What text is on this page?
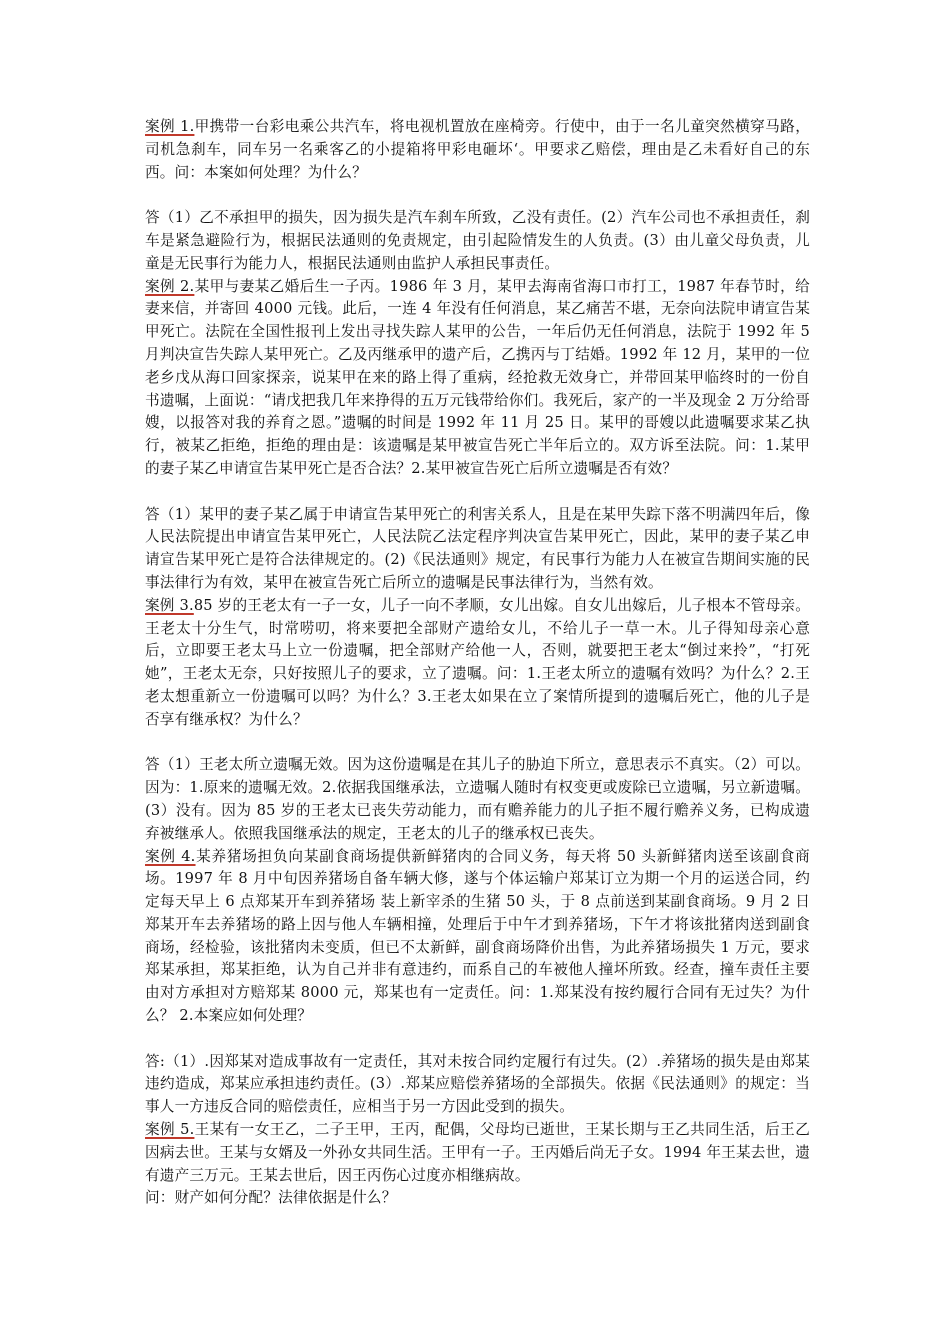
案例 1.甲携带一台彩电乘公共汽车，将电视机置放在座椅旁。行使中，由于一名儿童突然横穿马路，司机急刹车，同车另一名乘客乙的小提箱将甲彩电砸坏‘。甲要求乙赔偿，理由是乙未看好自己的东西。问：本案如何处理？为什么？

答（1）乙不承担甲的损失，因为损失是汽车刹车所致，乙没有责任。(2）汽车公司也不承担责任，刹车是紧急避险行为，根据民法通则的免责规定，由引起险情发生的人负责。(3）由儿童父母负责，儿童是无民事行为能力人，根据民法通则由监护人承担民事责任。

案例 2.某甲与妻某乙婚后生一子丙。1986 年 3 月，某甲去海南省海口市打工，1987 年春节时，给妻来信，并寄回 4000 元钱。此后，一连 4 年没有任何消息，某乙痛苦不堪，无奈向法院申请宣告某甲死亡。法院在全国性报刊上发出寻找失踪人某甲的公告，一年后仍无任何消息，法院于 1992 年 5 月判决宣告失踪人某甲死亡。乙及丙继承甲的遗产后，乙携丙与丁结婚。1992 年 12 月，某甲的一位老乡戊从海口回家探亲，说某甲在来的路上得了重病，经抢救无效身亡，并带回某甲临终时的一份自书遗嘱，上面说：“请戊把我几年来挣得的五万元钱带给你们。我死后，家产的一半及现金 2 万分给哥嫂，以报答对我的养育之恩。”遗嘱的时间是 1992 年 11 月 25 日。某甲的哥嫂以此遗嘱要求某乙执行，被某乙拒绝，拒绝的理由是：该遗嘱是某甲被宣告死亡半年后立的。双方诉至法院。问：1.某甲的妻子某乙申请宣告某甲死亡是否合法？2.某甲被宣告死亡后所立遗嘱是否有效？

答（1）某甲的妻子某乙属于申请宣告某甲死亡的利害关系人，且是在某甲失踪下落不明满四年后，像人民法院提出申请宣告某甲死亡，人民法院乙法定程序判决宣告某甲死亡，因此，某甲的妻子某乙申请宣告某甲死亡是符合法律规定的。(2)《民法通则》规定，有民事行为能力人在被宣告期间实施的民事法律行为有效，某甲在被宣告死亡后所立的遗嘱是民事法律行为，当然有效。

案例 3.85 岁的王老太有一子一女，儿子一向不孝顺，女儿出嫁。自女儿出嫁后，儿子根本不管母亲。王老太十分生气，时常唠叨，将来要把全部财产遗给女儿，不给儿子一草一木。儿子得知母亲心意后，立即要王老太马上立一份遗嘱，把全部财产给他一人，否则，就要把王老太“倒过来拎”，“打死她”，王老太无奈，只好按照儿子的要求，立了遗嘱。问：1.王老太所立的遗嘱有效吗？为什么？2.王老太想重新立一份遗嘱可以吗？为什么？3.王老太如果在立了案情所提到的遗嘱后死亡，他的儿子是否享有继承权？为什么？

答（1）王老太所立遗嘱无效。因为这份遗嘱是在其儿子的胁迫下所立，意思表示不真实。（2）可以。因为：1.原来的遗嘱无效。2.依据我国继承法，立遗嘱人随时有权变更或废除已立遗嘱，另立新遗嘱。(3）没有。因为 85 岁的王老太已丧失劳动能力，而有赡养能力的儿子拒不履行赡养义务，已构成遗弃被继承人。依照我国继承法的规定，王老太的儿子的继承权已丧失。

案例 4.某养猪场担负向某副食商场提供新鲜猪肉的合同义务，每天将 50 头新鲜猪肉送至该副食商场。1997 年 8 月中旬因养猪场自备车辆大修，遂与个体运输户郑某订立为期一个月的运送合同，约定每天早上 6 点郑某开车到养猪场 装上新宰杀的生猪 50 头，于 8 点前送到某副食商场。9 月 2 日郑某开车去养猪场的路上因与他人车辆相撞，处理后于中午才到养猪场，下午才将该批猪肉送到副食商场，经检验，该批猪肉未变质，但已不太新鲜，副食商场降价出售，为此养猪场损失 1 万元，要求郑某承担，郑某拒绝，认为自己并非有意违约，而系自己的车被他人撞坏所致。经查，撞车责任主要由对方承担对方赔郑某 8000 元，郑某也有一定责任。问：1.郑某没有按约履行合同有无过失？为什么？ 2.本案应如何处理？

答:（1）.因郑某对造成事故有一定责任，其对未按合同约定履行有过失。(2）.养猪场的损失是由郑某违约造成，郑某应承担违约责任。(3）.郑某应赔偿养猪场的全部损失。依据《民法通则》的规定：当事人一方违反合同的赔偿责任，应相当于另一方因此受到的损失。

案例 5.王某有一女王乙，二子王甲，王丙，配偶，父母均已逝世，王某长期与王乙共同生活，后王乙因病去世。王某与女婿及一外孙女共同生活。王甲有一子。王丙婚后尚无子女。1994 年王某去世，遗有遗产三万元。王某去世后，因王丙伤心过度亦相继病故。

问：财产如何分配？法律依据是什么？
